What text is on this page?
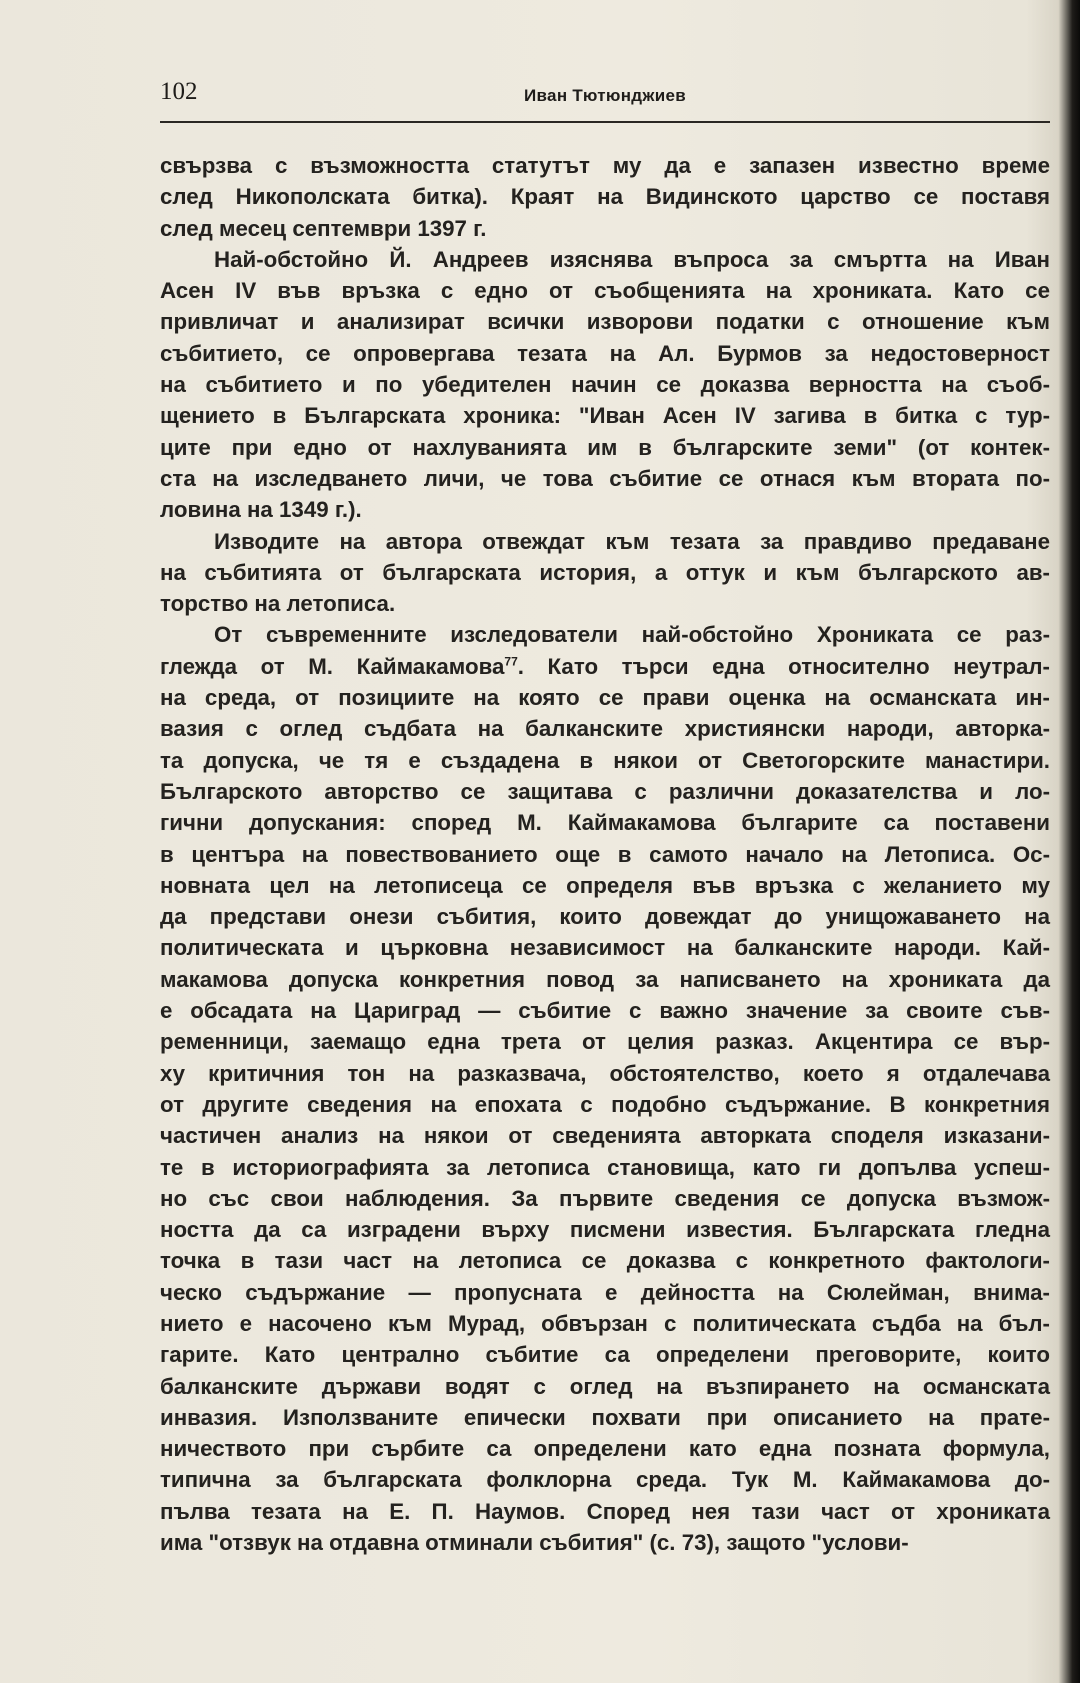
102	Иван Тютюнджиев
свързва с възможността статутът му да е запазен известно време
след Никополската битка). Краят на Видинското царство се поставя
след месец септември 1397 г.
Най-обстойно Й. Андреев изяснява въпроса за смъртта на Иван
Асен IV във връзка с едно от съобщенията на хрониката. Като се
привличат и анализират всички изворови податки с отношение към
събитието, се опровергава тезата на Ал. Бурмов за недостоверност
на събитието и по убедителен начин се доказва верността на съоб-
щението в Българската хроника: "Иван Асен IV загива в битка с тур-
ците при едно от нахлуванията им в българските земи" (от контек-
ста на изследването личи, че това събитие се отнася към втората по-
ловина на 1349 г.).
Изводите на автора отвеждат към тезата за правдиво предаване
на събитията от българската история, а оттук и към българското ав-
торство на летописа.
От съвременните изследователи най-обстойно Хрониката се раз-
глежда от М. Каймакамова$^{77}$. Като търси една относително неутрал-
на среда, от позициите на която се прави оценка на османската ин-
вазия с оглед съдбата на балканските християнски народи, авторка-
та допуска, че тя е създадена в някои от Светогорските манастири.
Българското авторство се защитава с различни доказателства и ло-
гични допускания: според М. Каймакамова българите са поставени
в центъра на повествованието още в самото начало на Летописа. Ос-
новната цел на летописеца се определя във връзка с желанието му
да представи онези събития, които довеждат до унищожаването на
политическата и църковна независимост на балканските народи. Кай-
макамова допуска конкретния повод за написването на хрониката да
е обсадата на Цариград — събитие с важно значение за своите съв-
ременници, заемащо една трета от целия разказ. Акцентира се вър-
ху критичния тон на разказвача, обстоятелство, което я отдалечава
от другите сведения на епохата с подобно съдържание. В конкретния
частичен анализ на някои от сведенията авторката споделя изказани-
те в историографията за летописа становища, като ги допълва успеш-
но със свои наблюдения. За първите сведения се допуска възмож-
ността да са изградени върху писмени известия. Българската гледна
точка в тази част на летописа се доказва с конкретното фактологи-
ческо съдържание — пропусната е дейността на Сюлейман, внима-
нието е насочено към Мурад, обвързан с политическата съдба на бъл-
гарите. Като централно събитие са определени преговорите, които
балканските държави водят с оглед на възпирането на османската
инвазия. Използваните епически похвати при описанието на прате-
ничеството при сърбите са определени като една позната формула,
типична за българската фолклорна среда. Тук М. Каймакамова до-
пълва тезата на Е. П. Наумов. Според нея тази част от хрониката
има "отзвук на отдавна отминали събития" (с. 73), защото "услови-
